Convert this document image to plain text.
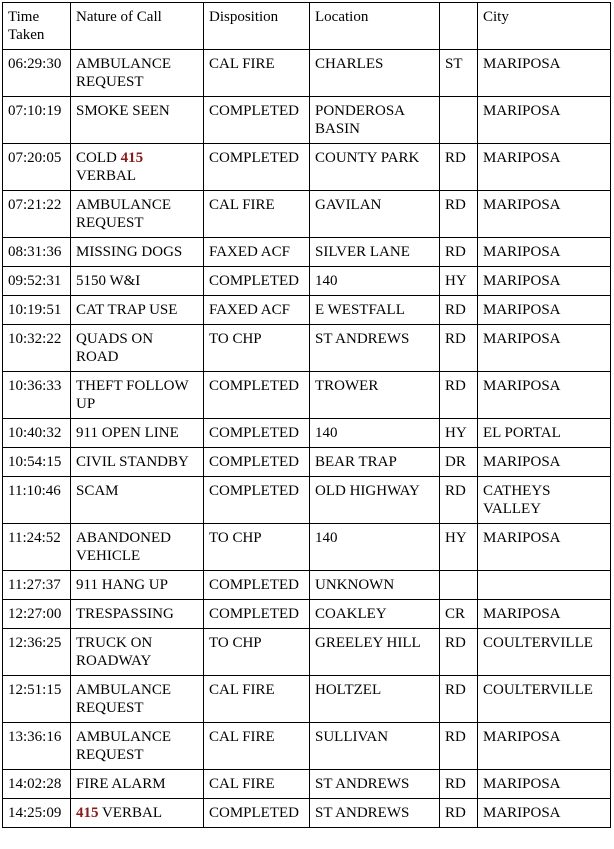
Time Taken	Nature of Call	Disposition	Location		City
06:29:30	AMBULANCE REQUEST	CAL FIRE	CHARLES	ST	MARIPOSA
07:10:19	SMOKE SEEN	COMPLETED	PONDEROSA BASIN		MARIPOSA
07:20:05	COLD 415 VERBAL	COMPLETED	COUNTY PARK	RD	MARIPOSA
07:21:22	AMBULANCE REQUEST	CAL FIRE	GAVILAN	RD	MARIPOSA
08:31:36	MISSING DOGS	FAXED ACF	SILVER LANE	RD	MARIPOSA
09:52:31	5150 W&I	COMPLETED	140	HY	MARIPOSA
10:19:51	CAT TRAP USE	FAXED ACF	E WESTFALL	RD	MARIPOSA
10:32:22	QUADS ON ROAD	TO CHP	ST ANDREWS	RD	MARIPOSA
10:36:33	THEFT FOLLOW UP	COMPLETED	TROWER	RD	MARIPOSA
10:40:32	911 OPEN LINE	COMPLETED	140	HY	EL PORTAL
10:54:15	CIVIL STANDBY	COMPLETED	BEAR TRAP	DR	MARIPOSA
11:10:46	SCAM	COMPLETED	OLD HIGHWAY	RD	CATHEYS VALLEY
11:24:52	ABANDONED VEHICLE	TO CHP	140	HY	MARIPOSA
11:27:37	911 HANG UP	COMPLETED	UNKNOWN		
12:27:00	TRESPASSING	COMPLETED	COAKLEY	CR	MARIPOSA
12:36:25	TRUCK ON ROADWAY	TO CHP	GREELEY HILL	RD	COULTERVILLE
12:51:15	AMBULANCE REQUEST	CAL FIRE	HOLTZEL	RD	COULTERVILLE
13:36:16	AMBULANCE REQUEST	CAL FIRE	SULLIVAN	RD	MARIPOSA
14:02:28	FIRE ALARM	CAL FIRE	ST ANDREWS	RD	MARIPOSA
14:25:09	415 VERBAL	COMPLETED	ST ANDREWS	RD	MARIPOSA
